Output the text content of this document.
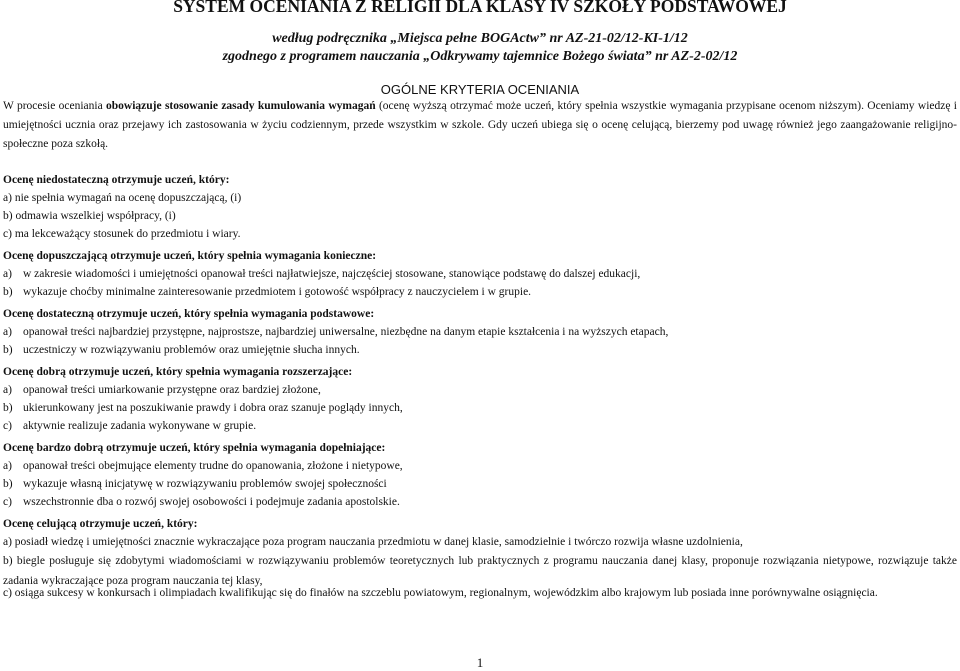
SYSTEM OCENIANIA Z RELIGII DLA KLASY IV SZKOŁY PODSTAWOWEJ
według podręcznika „Miejsca pełne BOGActw” nr AZ-21-02/12-KI-1/12
zgodnego z programem nauczania „Odkrywamy tajemnice Bożego świata” nr AZ-2-02/12
OGÓLNE KRYTERIA OCENIANIA
W procesie oceniania obowiązuje stosowanie zasady kumulowania wymagań (ocenę wyższą otrzymać może uczeń, który spełnia wszystkie wymagania przypisane ocenom niższym). Oceniamy wiedzę i umiejętności ucznia oraz przejawy ich zastosowania w życiu codziennym, przede wszystkim w szkole. Gdy uczeń ubiega się o ocenę celującą, bierzemy pod uwagę również jego zaangażowanie religijno-społeczne poza szkołą.
Ocenę niedostateczną otrzymuje uczeń, który:
a) nie spełnia wymagań na ocenę dopuszczającą, (i)
b) odmawia wszelkiej współpracy, (i)
c) ma lekceważący stosunek do przedmiotu i wiary.
Ocenę dopuszczającą otrzymuje uczeń, który spełnia wymagania konieczne:
a) w zakresie wiadomości i umiejętności opanował treści najłatwiejsze, najczęściej stosowane, stanowiące podstawę do dalszej edukacji,
b) wykazuje choćby minimalne zainteresowanie przedmiotem i gotowość współpracy z nauczycielem i w grupie.
Ocenę dostateczną otrzymuje uczeń, który spełnia wymagania podstawowe:
a) opanował treści najbardziej przystępne, najprostsze, najbardziej uniwersalne, niezbędne na danym etapie kształcenia i na wyższych etapach,
b) uczestniczy w rozwiązywaniu problemów oraz umiejętnie słucha innych.
Ocenę dobrą otrzymuje uczeń, który spełnia wymagania rozszerzające:
a) opanował treści umiarkowanie przystępne oraz bardziej złożone,
b) ukierunkowany jest na poszukiwanie prawdy i dobra oraz szanuje poglądy innych,
c) aktywnie realizuje zadania wykonywane w grupie.
Ocenę bardzo dobrą otrzymuje uczeń, który spełnia wymagania dopełniające:
a) opanował treści obejmujące elementy trudne do opanowania, złożone i nietypowe,
b) wykazuje własną inicjatywę w rozwiązywaniu problemów swojej społeczności
c) wszechstronnie dba o rozwój swojej osobowości i podejmuje zadania apostolskie.
Ocenę celującą otrzymuje uczeń, który:
a) posiadł wiedzę i umiejętności znacznie wykraczające poza program nauczania przedmiotu w danej klasie, samodzielnie i twórczo rozwija własne uzdolnienia,
b) biegle posługuje się zdobytymi wiadomościami w rozwiązywaniu problemów teoretycznych lub praktycznych z programu nauczania danej klasy, proponuje rozwiązania nietypowe, rozwiązuje także zadania wykraczające poza program nauczania tej klasy,
c) osiąga sukcesy w konkursach i olimpiadach kwalifikując się do finałów na szczeblu powiatowym, regionalnym, wojewódzkim albo krajowym lub posiada inne porównywalne osiągnięcia.
1
